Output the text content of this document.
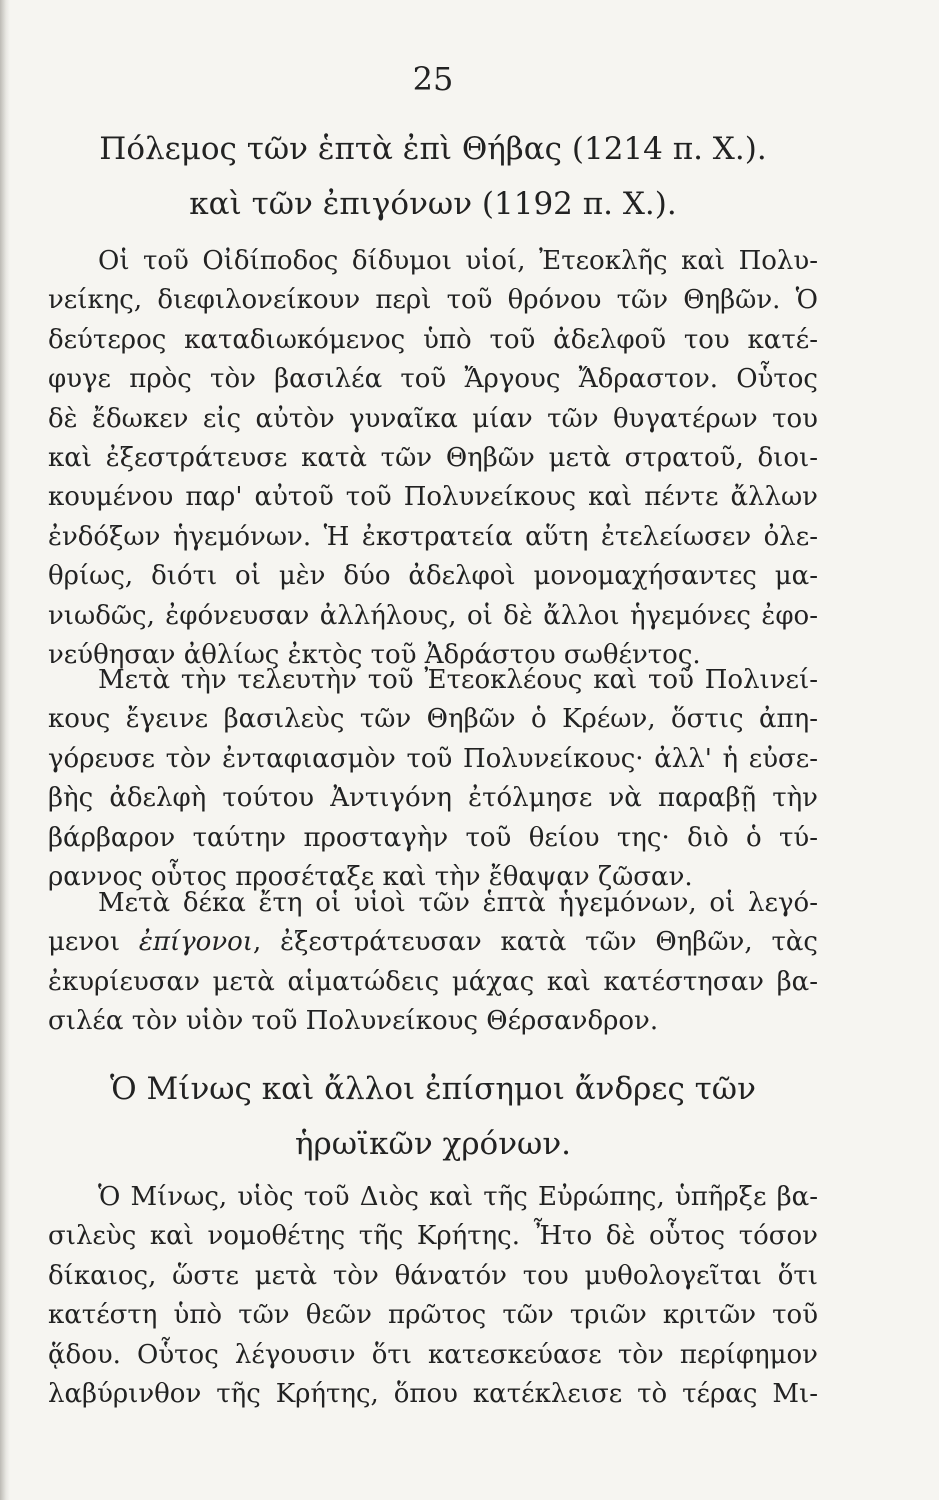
25
Πόλεμος τῶν ἑπτὰ ἐπὶ Θήβας (1214 π. Χ.).
καὶ τῶν ἐπιγόνων (1192 π. Χ.).
Οἱ τοῦ Οἰδίποδος δίδυμοι υἱοί, Ἐτεοκλῆς καὶ Πολυ-
νείκης, διεφιλονείκουν περὶ τοῦ θρόνου τῶν Θηβῶν. Ὁ
δεύτερος καταδιωκόμενος ὑπὸ τοῦ ἀδελφοῦ του κατέ-
φυγε πρὸς τὸν βασιλέα τοῦ Ἄργους Ἄδραστον. Οὗτος
δὲ ἔδωκεν εἰς αὐτὸν γυναῖκα μίαν τῶν θυγατέρων του
καὶ ἐξεστράτευσε κατὰ τῶν Θηβῶν μετὰ στρατοῦ, διοι-
κουμένου παρ' αὐτοῦ τοῦ Πολυνείκους καὶ πέντε ἄλλων
ἐνδόξων ἡγεμόνων. Ἡ ἐκστρατεία αὕτη ἐτελείωσεν ὀλε-
θρίως, διότι οἱ μὲν δύο ἀδελφοὶ μονομαχήσαντες μα-
νιωδῶς, ἐφόνευσαν ἀλλήλους, οἱ δὲ ἄλλοι ἡγεμόνες ἐφο-
νεύθησαν ἀθλίως ἐκτὸς τοῦ Ἀδράστου σωθέντος.
Μετὰ τὴν τελευτὴν τοῦ Ἐτεοκλέους καὶ τοῦ Πολινεί-
κους ἔγεινε βασιλεὺς τῶν Θηβῶν ὁ Κρέων, ὅστις ἀπη-
γόρευσε τὸν ἐνταφιασμὸν τοῦ Πολυνείκους· ἀλλ' ἡ εὐσε-
βὴς ἀδελφὴ τούτου Ἀντιγόνη ἐτόλμησε νὰ παραβῇ τὴν
βάρβαρον ταύτην προσταγὴν τοῦ θείου της· διὸ ὁ τύ-
ραννος οὗτος προσέταξε καὶ τὴν ἔθαψαν ζῶσαν.
Μετὰ δέκα ἔτη οἱ υἱοὶ τῶν ἑπτὰ ἡγεμόνων, οἱ λεγό-
μενοι ἐπίγονοι, ἐξεστράτευσαν κατὰ τῶν Θηβῶν, τὰς
ἐκυρίευσαν μετὰ αἱματώδεις μάχας καὶ κατέστησαν βα-
σιλέα τὸν υἱὸν τοῦ Πολυνείκους Θέρσανδρον.
Ὁ Μίνως καὶ ἄλλοι ἐπίσημοι ἄνδρες τῶν
ἡρωϊκῶν χρόνων.
Ὁ Μίνως, υἱὸς τοῦ Διὸς καὶ τῆς Εὐρώπης, ὑπῆρξε βα-
σιλεὺς καὶ νομοθέτης τῆς Κρήτης. Ἦτο δὲ οὗτος τόσον
δίκαιος, ὥστε μετὰ τὸν θάνατόν του μυθολογεῖται ὅτι
κατέστη ὑπὸ τῶν θεῶν πρῶτος τῶν τριῶν κριτῶν τοῦ
ᾅδου. Οὗτος λέγουσιν ὅτι κατεσκεύασε τὸν περίφημον
λαβύρινθον τῆς Κρήτης, ὅπου κατέκλεισε τὸ τέρας Μι-
